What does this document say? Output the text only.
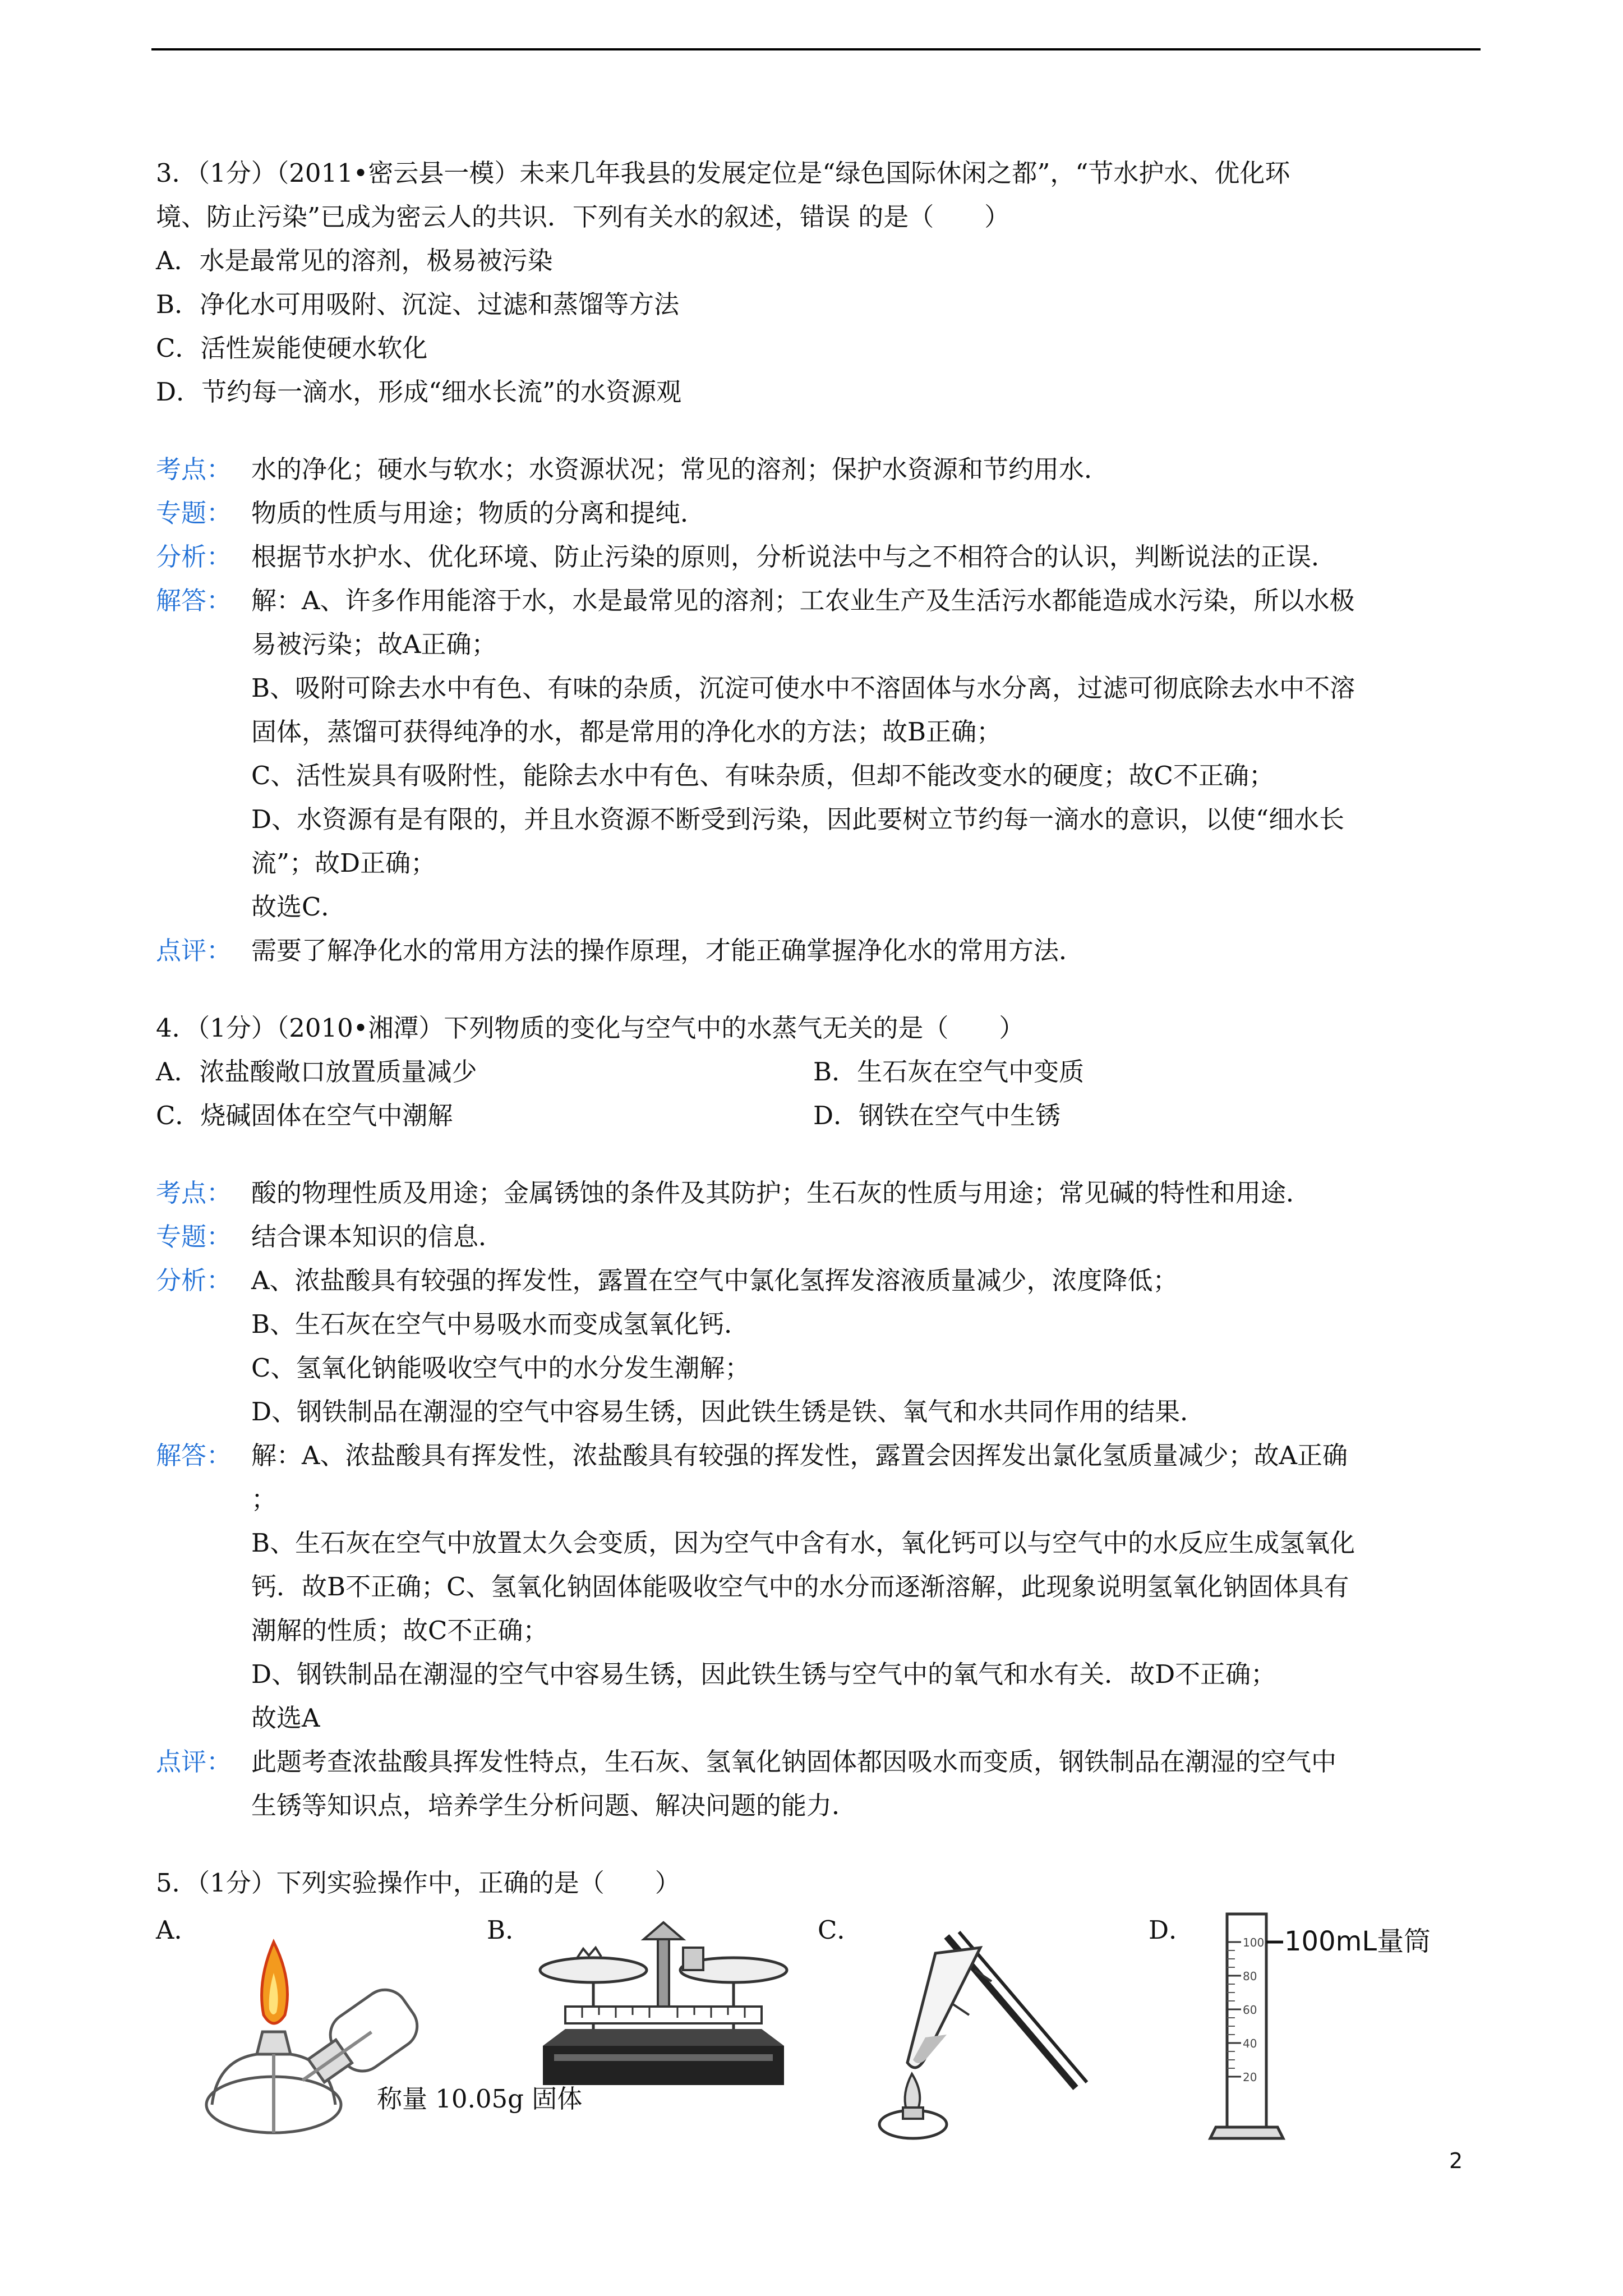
3．（1分）（2011•密云县一模）未来几年我县的发展定位是“绿色国际休闲之都”，“节水护水、优化环
境、防止污染”已成为密云人的共识．下列有关水的叙述，错误 的是（　　）
A．水是最常见的溶剂，极易被污染
B．净化水可用吸附、沉淀、过滤和蒸馏等方法
C．活性炭能使硬水软化
D．节约每一滴水，形成“细水长流”的水资源观
考点： 水的净化；硬水与软水；水资源状况；常见的溶剂；保护水资源和节约用水．
专题： 物质的性质与用途；物质的分离和提纯．
分析： 根据节水护水、优化环境、防止污染的原则，分析说法中与之不相符合的认识，判断说法的正误．
解答： 解：A、许多作用能溶于水，水是最常见的溶剂；工农业生产及生活污水都能造成水污染，所以水极
易被污染；故A正确；
B、吸附可除去水中有色、有味的杂质，沉淀可使水中不溶固体与水分离，过滤可彻底除去水中不溶
固体，蒸馏可获得纯净的水，都是常用的净化水的方法；故B正确；
C、活性炭具有吸附性，能除去水中有色、有味杂质，但却不能改变水的硬度；故C不正确；
D、水资源有是有限的，并且水资源不断受到污染，因此要树立节约每一滴水的意识，以使“细水长
流”；故D正确；
故选C．
点评： 需要了解净化水的常用方法的操作原理，才能正确掌握净化水的常用方法．
4．（1分）（2010•湘潭）下列物质的变化与空气中的水蒸气无关的是（　　）
A．浓盐酸敞口放置质量减少	B．生石灰在空气中变质
C．烧碱固体在空气中潮解	D．钢铁在空气中生锈
考点： 酸的物理性质及用途；金属锈蚀的条件及其防护；生石灰的性质与用途；常见碱的特性和用途．
专题： 结合课本知识的信息．
分析： A、浓盐酸具有较强的挥发性，露置在空气中氯化氢挥发溶液质量减少，浓度降低；
B、生石灰在空气中易吸水而变成氢氧化钙．
C、氢氧化钠能吸收空气中的水分发生潮解；
D、钢铁制品在潮湿的空气中容易生锈，因此铁生锈是铁、氧气和水共同作用的结果．
解答： 解：A、浓盐酸具有挥发性，浓盐酸具有较强的挥发性，露置会因挥发出氯化氢质量减少；故A正确
；
B、生石灰在空气中放置太久会变质，因为空气中含有水，氧化钙可以与空气中的水反应生成氢氧化
钙．故B不正确；C、氢氧化钠固体能吸收空气中的水分而逐渐溶解，此现象说明氢氧化钠固体具有
潮解的性质；故C不正确；
D、钢铁制品在潮湿的空气中容易生锈，因此铁生锈与空气中的氧气和水有关．故D不正确；
故选A
点评： 此题考查浓盐酸具挥发性特点，生石灰、氢氧化钠固体都因吸水而变质，钢铁制品在潮湿的空气中
生锈等知识点，培养学生分析问题、解决问题的能力．
5．（1分）下列实验操作中，正确的是（　　）
A．	B．	C．	D．	100mL量筒
100
80
60
40
20
称量 10.05g 固体
2
